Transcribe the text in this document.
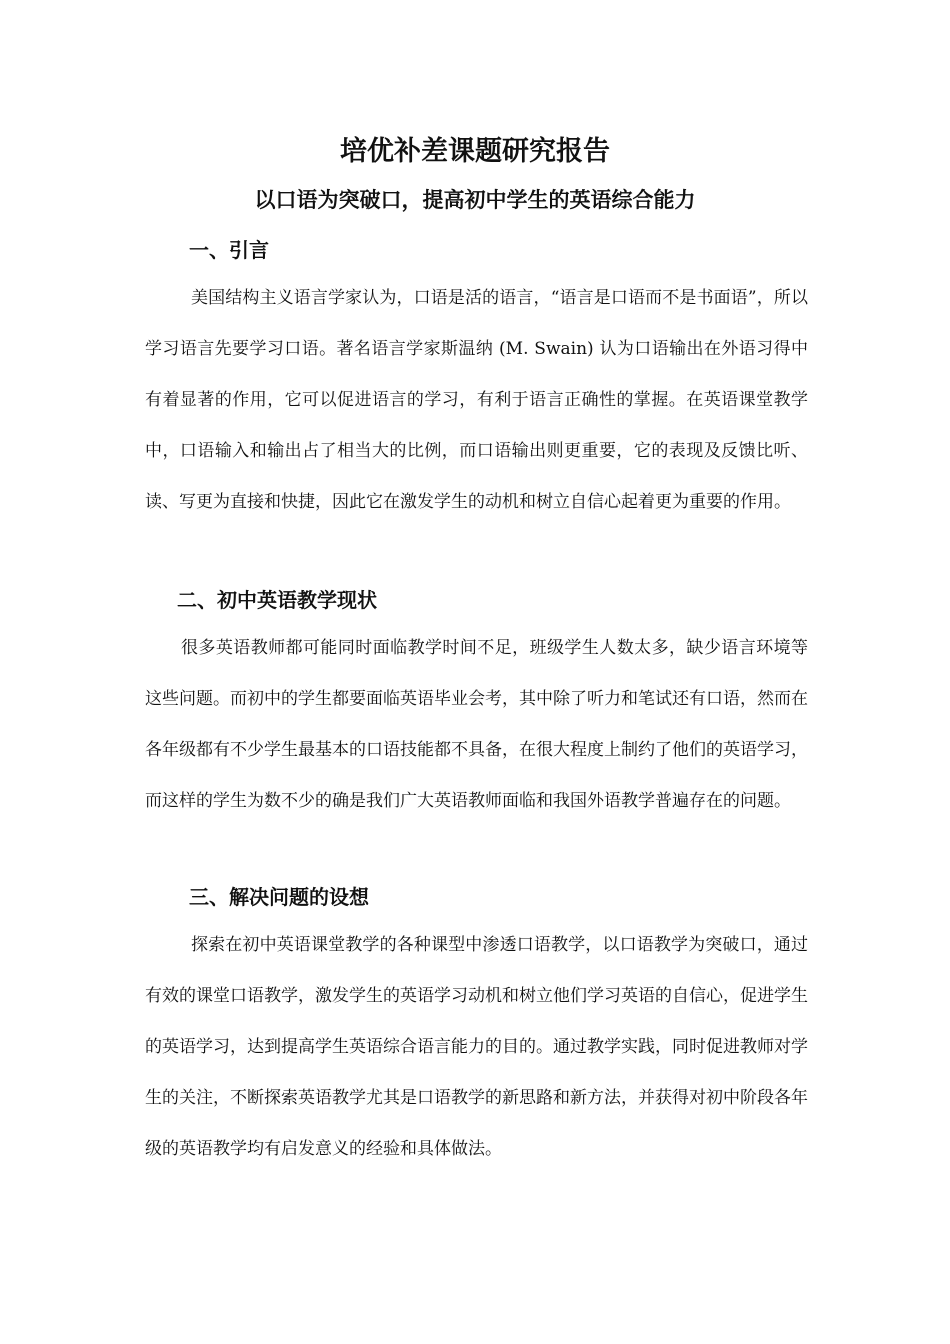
培优补差课题研究报告
以口语为突破口，提高初中学生的英语综合能力
一、引言

美国结构主义语言学家认为，口语是活的语言，“语言是口语而不是书面语”，所以学习语言先要学习口语。著名语言学家斯温纳 (M. Swain) 认为口语输出在外语习得中有着显著的作用，它可以促进语言的学习，有利于语言正确性的掌握。在英语课堂教学中，口语输入和输出占了相当大的比例，而口语输出则更重要，它的表现及反馈比听、读、写更为直接和快捷，因此它在激发学生的动机和树立自信心起着更为重要的作用。

二、初中英语教学现状

很多英语教师都可能同时面临教学时间不足，班级学生人数太多，缺少语言环境等这些问题。而初中的学生都要面临英语毕业会考，其中除了听力和笔试还有口语，然而在各年级都有不少学生最基本的口语技能都不具备，在很大程度上制约了他们的英语学习，而这样的学生为数不少的确是我们广大英语教师面临和我国外语教学普遍存在的问题。

三、解决问题的设想

探索在初中英语课堂教学的各种课型中渗透口语教学，以口语教学为突破口，通过有效的课堂口语教学，激发学生的英语学习动机和树立他们学习英语的自信心，促进学生的英语学习，达到提高学生英语综合语言能力的目的。通过教学实践，同时促进教师对学生的关注，不断探索英语教学尤其是口语教学的新思路和新方法，并获得对初中阶段各年级的英语教学均有启发意义的经验和具体做法。
